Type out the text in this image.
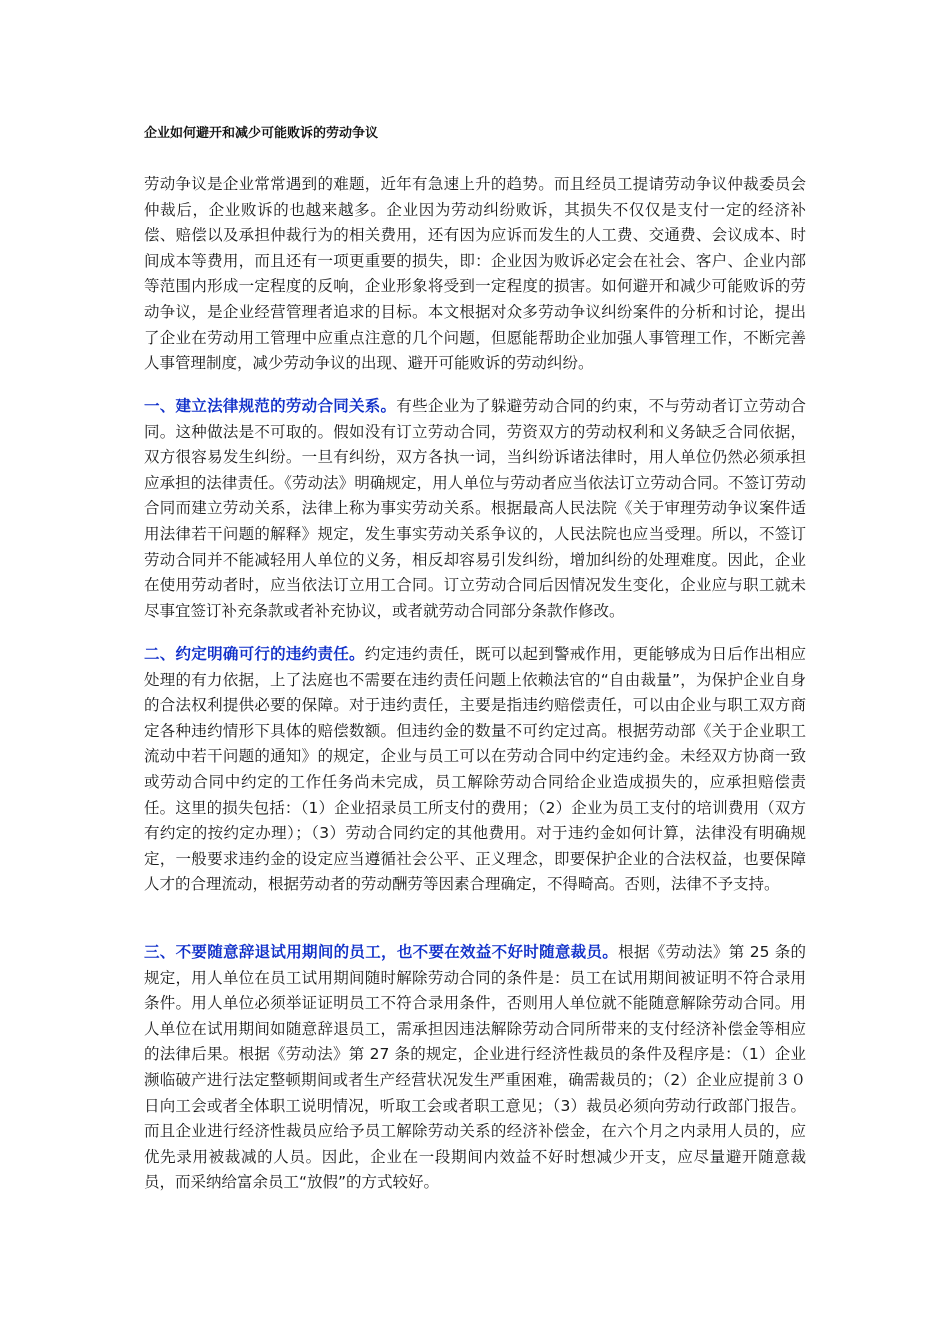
企业如何避开和减少可能败诉的劳动争议

劳动争议是企业常常遇到的难题，近年有急速上升的趋势。而且经员工提请劳动争议仲裁委员会仲裁后，企业败诉的也越来越多。企业因为劳动纠纷败诉，其损失不仅仅是支付一定的经济补偿、赔偿以及承担仲裁行为的相关费用，还有因为应诉而发生的人工费、交通费、会议成本、时间成本等费用，而且还有一项更重要的损失，即：企业因为败诉必定会在社会、客户、企业内部等范围内形成一定程度的反响，企业形象将受到一定程度的损害。如何避开和减少可能败诉的劳动争议，是企业经营管理者追求的目标。本文根据对众多劳动争议纠纷案件的分析和讨论，提出了企业在劳动用工管理中应重点注意的几个问题，但愿能帮助企业加强人事管理工作，不断完善人事管理制度，减少劳动争议的出现、避开可能败诉的劳动纠纷。

一、建立法律规范的劳动合同关系。有些企业为了躲避劳动合同的约束，不与劳动者订立劳动合同。这种做法是不可取的。假如没有订立劳动合同，劳资双方的劳动权利和义务缺乏合同依据，双方很容易发生纠纷。一旦有纠纷，双方各执一词，当纠纷诉诸法律时，用人单位仍然必须承担应承担的法律责任。《劳动法》明确规定，用人单位与劳动者应当依法订立劳动合同。不签订劳动合同而建立劳动关系，法律上称为事实劳动关系。根据最高人民法院《关于审理劳动争议案件适用法律若干问题的解释》规定，发生事实劳动关系争议的，人民法院也应当受理。所以，不签订劳动合同并不能减轻用人单位的义务，相反却容易引发纠纷，增加纠纷的处理难度。因此，企业在使用劳动者时，应当依法订立用工合同。订立劳动合同后因情况发生变化，企业应与职工就未尽事宜签订补充条款或者补充协议，或者就劳动合同部分条款作修改。

二、约定明确可行的违约责任。约定违约责任，既可以起到警戒作用，更能够成为日后作出相应处理的有力依据，上了法庭也不需要在违约责任问题上依赖法官的“自由裁量”，为保护企业自身的合法权利提供必要的保障。对于违约责任，主要是指违约赔偿责任，可以由企业与职工双方商定各种违约情形下具体的赔偿数额。但违约金的数量不可约定过高。根据劳动部《关于企业职工流动中若干问题的通知》的规定，企业与员工可以在劳动合同中约定违约金。未经双方协商一致或劳动合同中约定的工作任务尚未完成，员工解除劳动合同给企业造成损失的，应承担赔偿责任。这里的损失包括：（1）企业招录员工所支付的费用；（2）企业为员工支付的培训费用（双方有约定的按约定办理）；（3）劳动合同约定的其他费用。对于违约金如何计算，法律没有明确规定，一般要求违约金的设定应当遵循社会公平、正义理念，即要保护企业的合法权益，也要保障人才的合理流动，根据劳动者的劳动酬劳等因素合理确定，不得畸高。否则，法律不予支持。

三、不要随意辞退试用期间的员工，也不要在效益不好时随意裁员。根据《劳动法》第 25 条的规定，用人单位在员工试用期间随时解除劳动合同的条件是：员工在试用期间被证明不符合录用条件。用人单位必须举证证明员工不符合录用条件，否则用人单位就不能随意解除劳动合同。用人单位在试用期间如随意辞退员工，需承担因违法解除劳动合同所带来的支付经济补偿金等相应的法律后果。根据《劳动法》第 27 条的规定，企业进行经济性裁员的条件及程序是：（1）企业濒临破产进行法定整顿期间或者生产经营状况发生严重困难，确需裁员的；（2）企业应提前３０日向工会或者全体职工说明情况，听取工会或者职工意见；（3）裁员必须向劳动行政部门报告。而且企业进行经济性裁员应给予员工解除劳动关系的经济补偿金，在六个月之内录用人员的，应优先录用被裁减的人员。因此，企业在一段期间内效益不好时想减少开支，应尽量避开随意裁员，而采纳给富余员工“放假”的方式较好。
